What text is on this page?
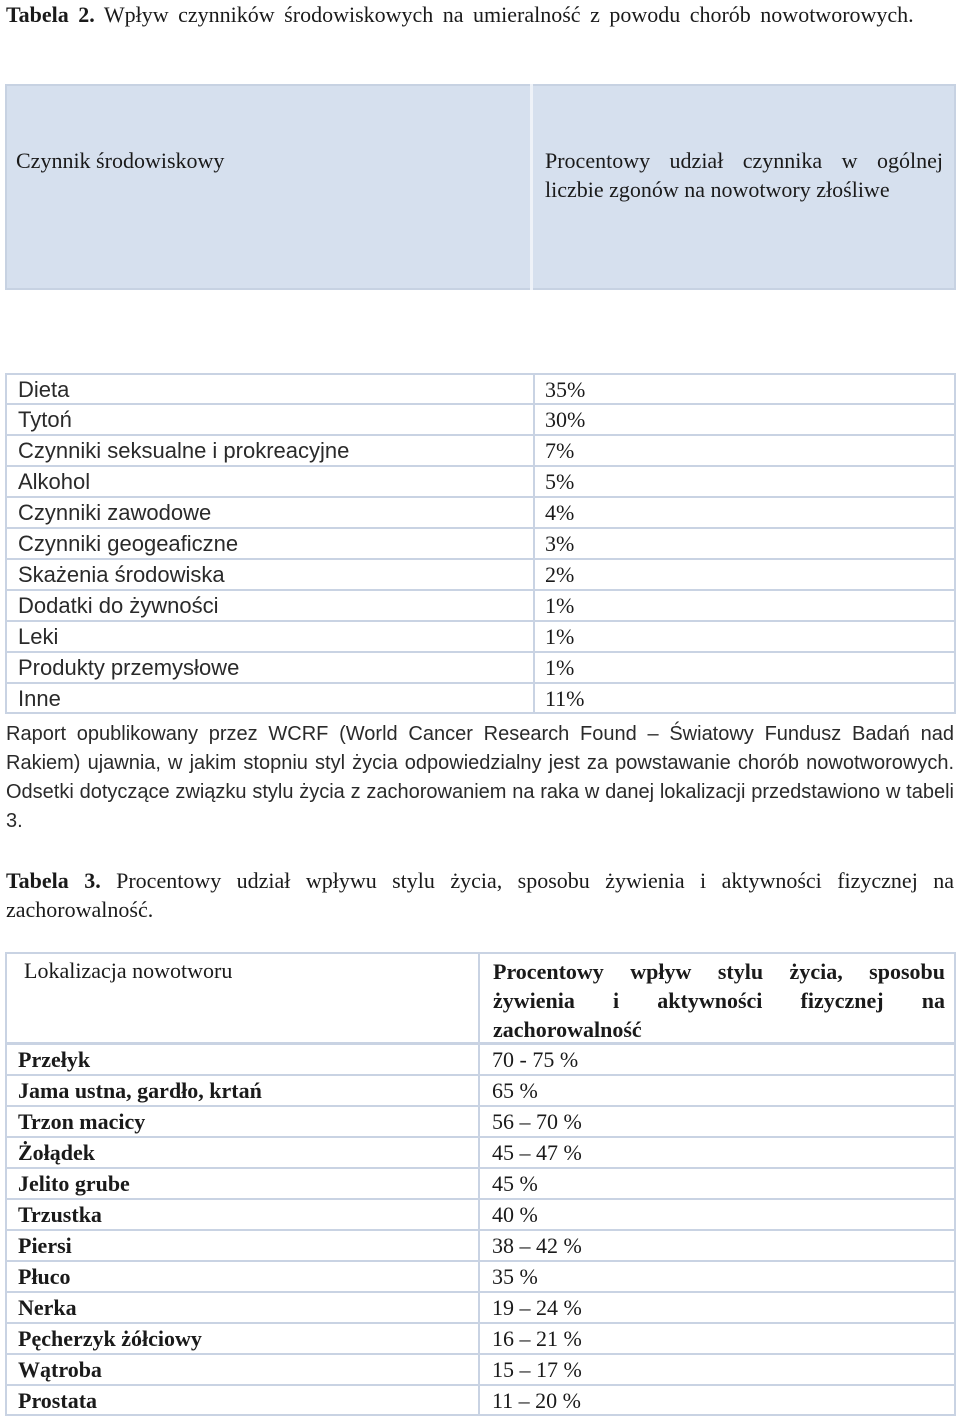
Tabela 2. Wpływ czynników środowiskowych na umieralność z powodu chorób nowotworowych.
Czynnik środowiskowy	Procentowy udział czynnika w ogólnej liczbie zgonów na nowotwory złośliwe
Dieta	35%
Tytoń	30%
Czynniki seksualne i prokreacyjne	7%
Alkohol	5%
Czynniki zawodowe	4%
Czynniki geogeaficzne	3%
Skażenia środowiska	2%
Dodatki do żywności	1%
Leki	1%
Produkty przemysłowe	1%
Inne	11%
Raport opublikowany przez WCRF (World Cancer Research Found – Światowy Fundusz Badań nad Rakiem) ujawnia, w jakim stopniu styl życia odpowiedzialny jest za powstawanie chorób nowotworowych. Odsetki dotyczące związku stylu życia z zachorowaniem na raka w danej lokalizacji przedstawiono w tabeli 3.
Tabela 3. Procentowy udział wpływu stylu życia, sposobu żywienia i aktywności fizycznej na zachorowalność.
Lokalizacja nowotworu	Procentowy wpływ stylu życia, sposobu żywienia i aktywności fizycznej na zachorowalność
Przełyk	70 - 75 %
Jama ustna, gardło, krtań	65 %
Trzon macicy	56 – 70 %
Żołądek	45 – 47 %
Jelito grube	45 %
Trzustka	40 %
Piersi	38 – 42 %
Płuco	35 %
Nerka	19 – 24 %
Pęcherzyk żółciowy	16 – 21 %
Wątroba	15 – 17 %
Prostata	11 – 20 %
